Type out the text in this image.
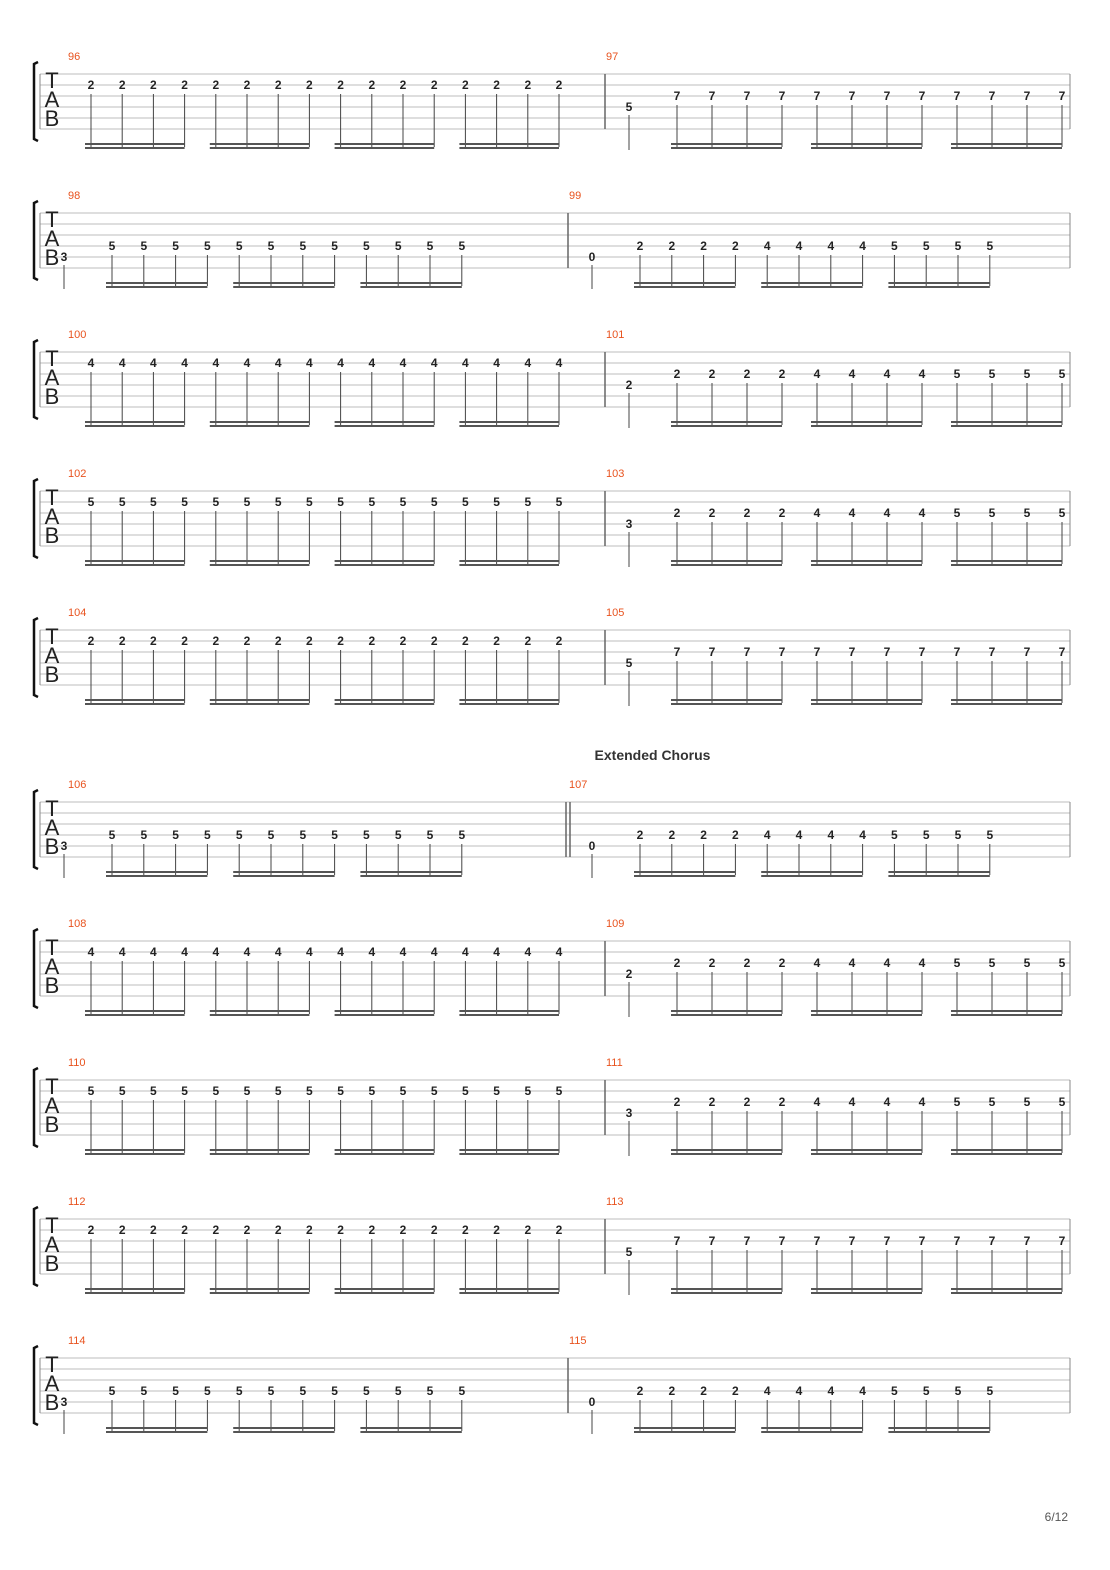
T
A
B
96
2 2 2 2 2 2 2 2 2 2 2 2 2 2 2 2
97
5
7 7 7 7 7 7 7 7 7 7 7 7
T
A
B
98
3
5 5 5 5 5 5 5 5 5 5 5 5
99
0
2 2 2 2 4 4 4 4 5 5 5 5
T
A
B
100
4 4 4 4 4 4 4 4 4 4 4 4 4 4 4 4
101
2
2 2 2 2 4 4 4 4 5 5 5 5
T
A
B
102
5 5 5 5 5 5 5 5 5 5 5 5 5 5 5 5
103
3
2 2 2 2 4 4 4 4 5 5 5 5
T
A
B
104
2 2 2 2 2 2 2 2 2 2 2 2 2 2 2 2
105
5
7 7 7 7 7 7 7 7 7 7 7 7
T
A
B
106
3
5 5 5 5 5 5 5 5 5 5 5 5
107
0
2 2 2 2 4 4 4 4 5 5 5 5
T
A
B
108
4 4 4 4 4 4 4 4 4 4 4 4 4 4 4 4
109
2
2 2 2 2 4 4 4 4 5 5 5 5
T
A
B
110
5 5 5 5 5 5 5 5 5 5 5 5 5 5 5 5
111
3
2 2 2 2 4 4 4 4 5 5 5 5
T
A
B
112
2 2 2 2 2 2 2 2 2 2 2 2 2 2 2 2
113
5
7 7 7 7 7 7 7 7 7 7 7 7
T
A
B
114
3
5 5 5 5 5 5 5 5 5 5 5 5
115
0
2 2 2 2 4 4 4 4 5 5 5 5
Extended Chorus
6/12
